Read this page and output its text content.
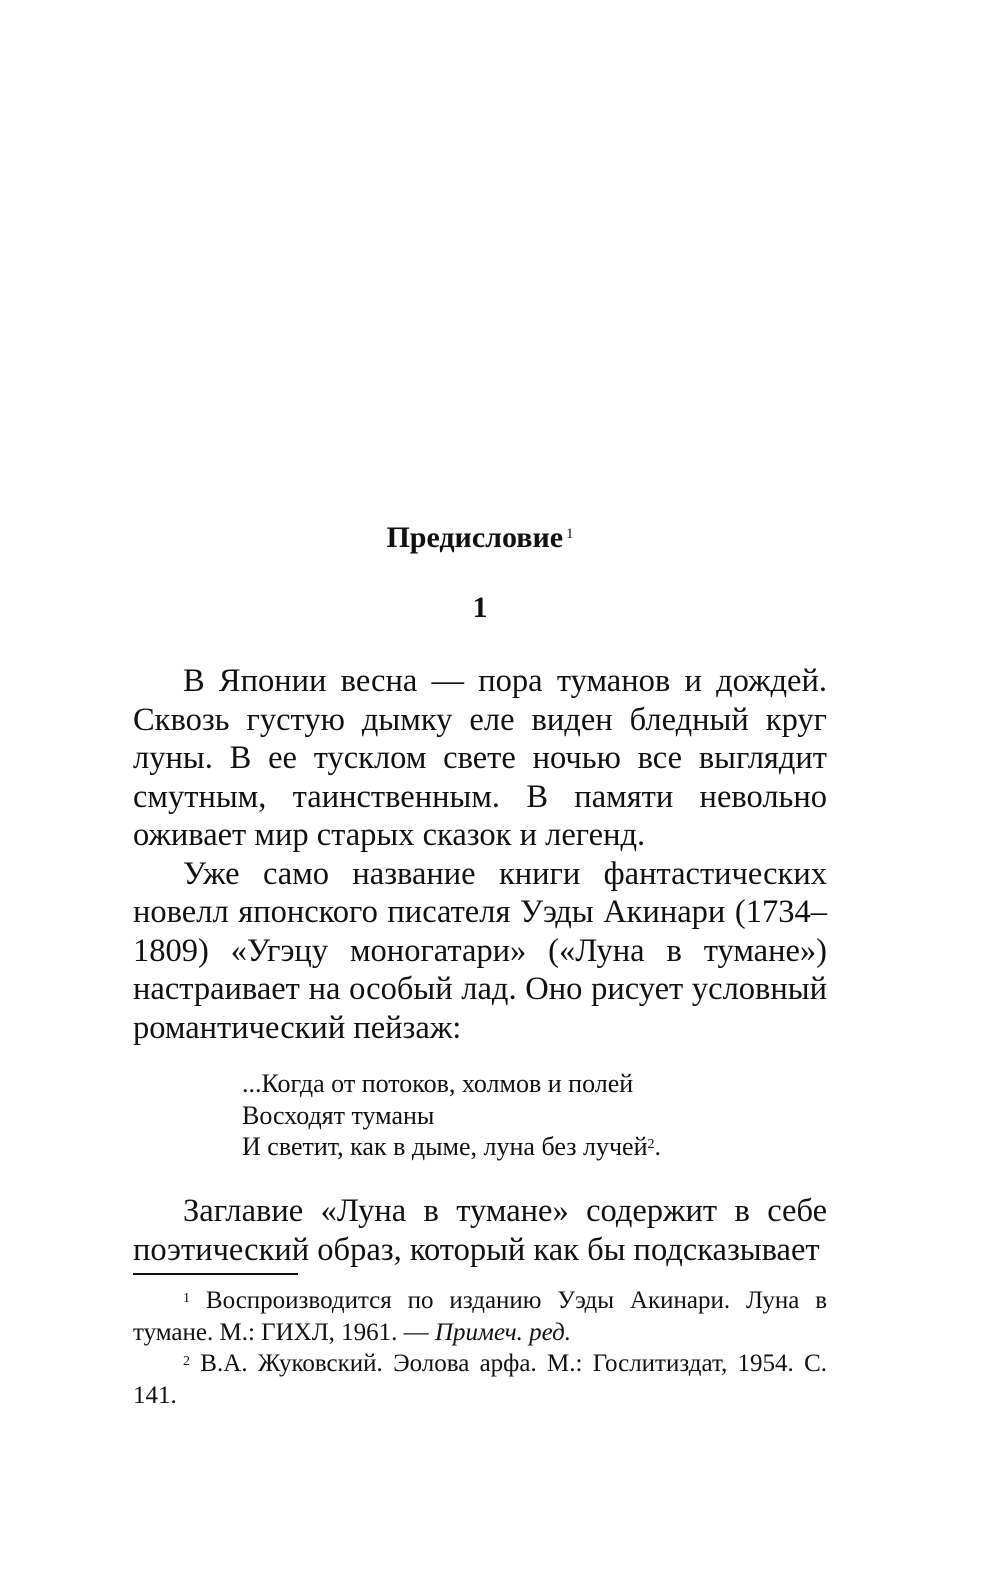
Предисловие $^1$
1

В Японии весна — пора туманов и дождей. Сквозь густую дымку еле виден бледный круг луны. В ее тусклом свете ночью все выглядит смутным, таинственным. В памяти невольно оживает мир старых сказок и легенд.

Уже само название книги фантастических новелл японского писателя Уэды Акинари (1734–1809) «Угэцу моногатари» («Луна в тумане») настраивает на особый лад. Оно рисует условный романтический пейзаж:

...Когда от потоков, холмов и полей
Восходят туманы
И светит, как в дыме, луна без лучей$^2$.

Заглавие «Луна в тумане» содержит в себе поэтический образ, который как бы подсказывает

$^1$ Воспроизводится по изданию Уэды Акинари. Луна в тумане. М.: ГИХЛ, 1961. — Примеч. ред.

$^2$ В.А. Жуковский. Эолова арфа. М.: Гослитиздат, 1954. С. 141.
